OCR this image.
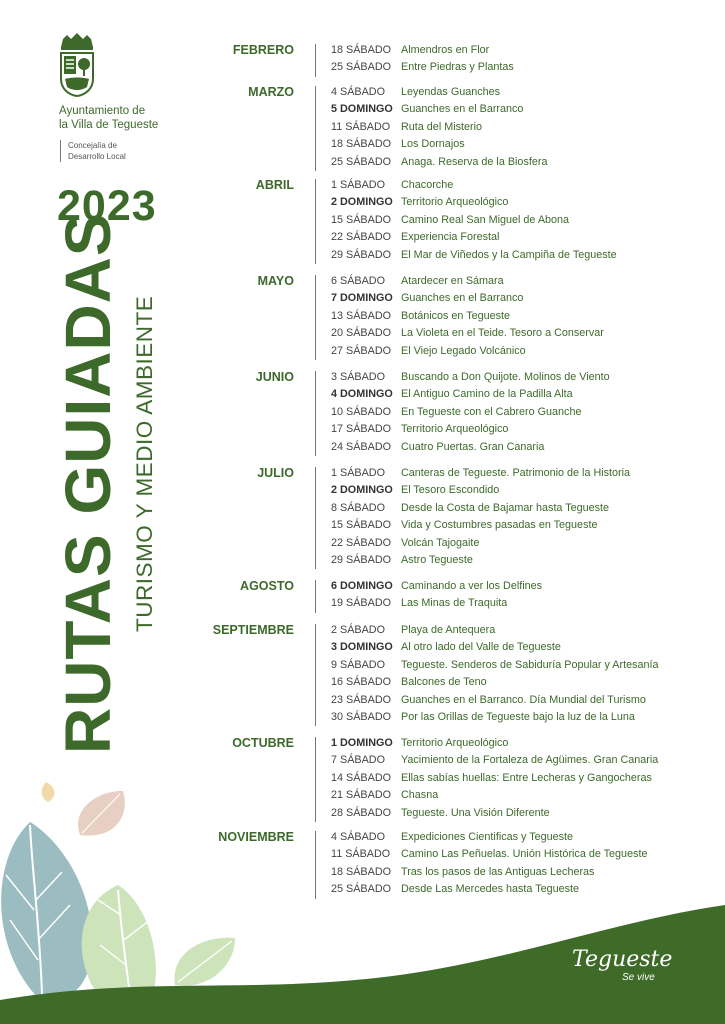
Ayuntamiento de
la Villa de Tegueste
Concejalía de
Desarrollo Local
2023
RUTAS GUIADAS TURISMO Y MEDIO AMBIENTE
FEBRERO	18 SÁBADO Almendros en Flor
25 SÁBADO Entre Piedras y Plantas
MARZO	4 SÁBADO Leyendas Guanches
5 DOMINGO Guanches en el Barranco
11 SÁBADO Ruta del Misterio
18 SÁBADO Los Dornajos
25 SÁBADO Anaga. Reserva de la Biosfera
ABRIL	1 SÁBADO Chacorche
2 DOMINGO Territorio Arqueológico
15 SÁBADO Camino Real San Miguel de Abona
22 SÁBADO Experiencia Forestal
29 SÁBADO El Mar de Viñedos y la Campiña de Tegueste
MAYO	6 SÁBADO Atardecer en Sámara
7 DOMINGO Guanches en el Barranco
13 SÁBADO Botánicos en Tegueste
20 SÁBADO La Violeta en el Teide. Tesoro a Conservar
27 SÁBADO El Viejo Legado Volcánico
JUNIO	3 SÁBADO Buscando a Don Quijote. Molinos de Viento
4 DOMINGO El Antiguo Camino de la Padilla Alta
10 SÁBADO En Tegueste con el Cabrero Guanche
17 SÁBADO Territorio Arqueológico
24 SÁBADO Cuatro Puertas. Gran Canaria
JULIO	1 SÁBADO Canteras de Tegueste. Patrimonio de la Historia
2 DOMINGO El Tesoro Escondido
8 SÁBADO Desde la Costa de Bajamar hasta Tegueste
15 SÁBADO Vida y Costumbres pasadas en Tegueste
22 SÁBADO Volcán Tajogaite
29 SÁBADO Astro Tegueste
AGOSTO	6 DOMINGO Caminando a ver los Delfines
19 SÁBADO Las Minas de Traquita
SEPTIEMBRE	2 SÁBADO Playa de Antequera
3 DOMINGO Al otro lado del Valle de Tegueste
9 SÁBADO Tegueste. Senderos de Sabiduría Popular y Artesanía
16 SÁBADO Balcones de Teno
23 SÁBADO Guanches en el Barranco. Día Mundial del Turismo
30 SÁBADO Por las Orillas de Tegueste bajo la luz de la Luna
OCTUBRE	1 DOMINGO Territorio Arqueológico
7 SÁBADO Yacimiento de la Fortaleza de Agüimes. Gran Canaria
14 SÁBADO Ellas sabías huellas: Entre Lecheras y Gangocheras
21 SÁBADO Chasna
28 SÁBADO Tegueste. Una Visión Diferente
NOVIEMBRE	4 SÁBADO Expediciones Cientificas y Tegueste
11 SÁBADO Camino Las Peñuelas. Unión Histórica de Tegueste
18 SÁBADO Tras los pasos de las Antiguas Lecheras
25 SÁBADO Desde Las Mercedes hasta Tegueste
Tegueste
Se vive
